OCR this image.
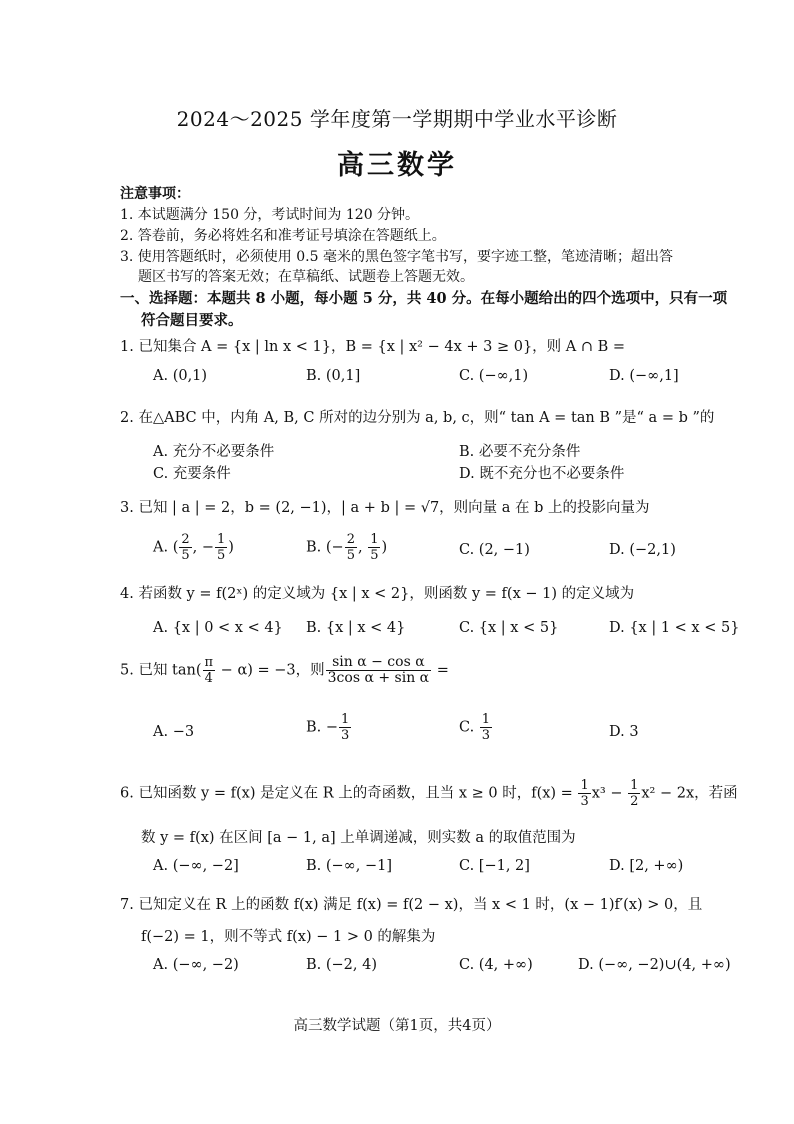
2024～2025 学年度第一学期期中学业水平诊断
高三数学
注意事项：
1. 本试题满分 150 分，考试时间为 120 分钟。
2. 答卷前，务必将姓名和准考证号填涂在答题纸上。
3. 使用答题纸时，必须使用 0.5 毫米的黑色签字笔书写，要字迹工整，笔迹清晰；超出答
题区书写的答案无效；在草稿纸、试题卷上答题无效。
一、选择题：本题共 8 小题，每小题 5 分，共 40 分。在每小题给出的四个选项中，只有一项
符合题目要求。
1. 已知集合 A = {x | ln x < 1}，B = {x | x² − 4x + 3 ≥ 0}，则 A ∩ B =
A. (0,1)	B. (0,1]	C. (−∞,1)	D. (−∞,1]
2. 在△ABC 中，内角 A, B, C 所对的边分别为 a, b, c，则“ tan A = tan B ”是“ a = b ”的
A. 充分不必要条件	B. 必要不充分条件
C. 充要条件	D. 既不充分也不必要条件
3. 已知 | a | = 2，b = (2, −1)，| a + b | = √7，则向量 a 在 b 上的投影向量为
A. ( $\frac{2}{5}$ , − $\frac{1}{5}$ )	B. (− $\frac{2}{5}$ , $\frac{1}{5}$ )	C. (2, −1)	D. (−2,1)
4. 若函数 y = f(2ˣ) 的定义域为 {x | x < 2}，则函数 y = f(x − 1) 的定义域为
A. {x | 0 < x < 4} B. {x | x < 4}	C. {x | x < 5}	D. {x | 1 < x < 5}
5. 已知 $\tan( \frac{\pi}{4} - \alpha) = -3$，则 $\frac{\text{sin α − cos α}}{\text{3cos α + sin α}}$ =
A. −3	B. − $\frac{1}{3}$	C. $\frac{1}{3}$	D. 3
6. 已知函数 y = f(x) 是定义在 R 上的奇函数，且当 x ≥ 0 时，$f(x) = \frac{1}{3} x^3 - \frac{1}{2} x^2 - 2x$，若函
数 y = f(x) 在区间 [a − 1, a] 上单调递减，则实数 a 的取值范围为
A. (−∞, −2]	B. (−∞, −1]	C. [−1, 2]	D. [2, +∞)
7. 已知定义在 R 上的函数 f(x) 满足 f(x) = f(2 − x)，当 x < 1 时，(x − 1)f′(x) > 0，且
f(−2) = 1，则不等式 f(x) − 1 > 0 的解集为
A. (−∞, −2)	B. (−2, 4)	C. (4, +∞)	D. (−∞, −2)∪(4, +∞)
高三数学试题（第1页，共4页）
